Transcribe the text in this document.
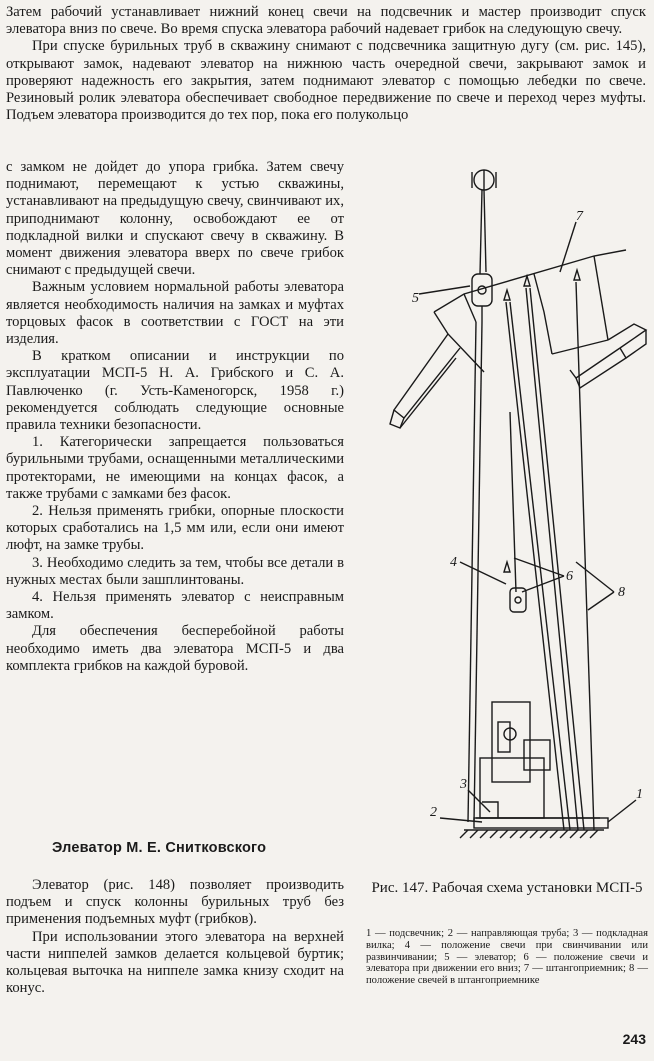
Затем рабочий устанавливает нижний конец свечи на подсвечник и мастер производит спуск элеватора вниз по свече. Во время спуска элеватора рабочий надевает грибок на следующую свечу.

При спуске бурильных труб в скважину снимают с подсвечника защитную дугу (см. рис. 145), открывают замок, надевают элеватор на нижнюю часть очередной свечи, закрывают замок и проверяют надежность его закрытия, затем поднимают элеватор с помощью лебедки по свече. Резиновый ролик элеватора обеспечивает свободное передвижение по свече и переход через муфты. Подъем элеватора производится до тех пор, пока его полукольцо

с замком не дойдет до упора грибка. Затем свечу поднимают, перемещают к устью скважины, устанавливают на предыдущую свечу, свинчивают их, приподнимают колонну, освобождают ее от подкладной вилки и спускают свечу в скважину. В момент движения элеватора вверх по свече грибок снимают с предыдущей свечи.

Важным условием нормальной работы элеватора является необходимость наличия на замках и муфтах торцовых фасок в соответствии с ГОСТ на эти изделия.

В кратком описании и инструкции по эксплуатации МСП-5 Н. А. Грибского и С. А. Павлюченко (г. Усть-Каменогорск, 1958 г.) рекомендуется соблюдать следующие основные правила техники безопасности.

1. Категорически запрещается пользоваться бурильными трубами, оснащенными металлическими протекторами, не имеющими на концах фасок, а также трубами с замками без фасок.

2. Нельзя применять грибки, опорные плоскости которых сработались на 1,5 мм или, если они имеют люфт, на замке трубы.

3. Необходимо следить за тем, чтобы все детали в нужных местах были зашплинтованы.

4. Нельзя применять элеватор с неисправным замком.

Для обеспечения бесперебойной работы необходимо иметь два элеватора МСП-5 и два комплекта грибков на каждой буровой.

Элеватор М. Е. Снитковского

Элеватор (рис. 148) позволяет производить подъем и спуск колонны бурильных труб без применения подъемных муфт (грибков).

При использовании этого элеватора на верхней части ниппелей замков делается кольцевой буртик; кольцевая выточка на ниппеле замка книзу сходит на конус.

5
7
4
6
8
3
2
1
Рис. 147. Рабочая схема установки МСП-5
1 — подсвечник; 2 — направляющая труба; 3 — подкладная вилка; 4 — положение свечи при свинчивании или развинчивании; 5 — элеватор; 6 — положение свечи и элеватора при движении его вниз; 7 — штангоприемник; 8 — положение свечей в штангоприемнике
243
